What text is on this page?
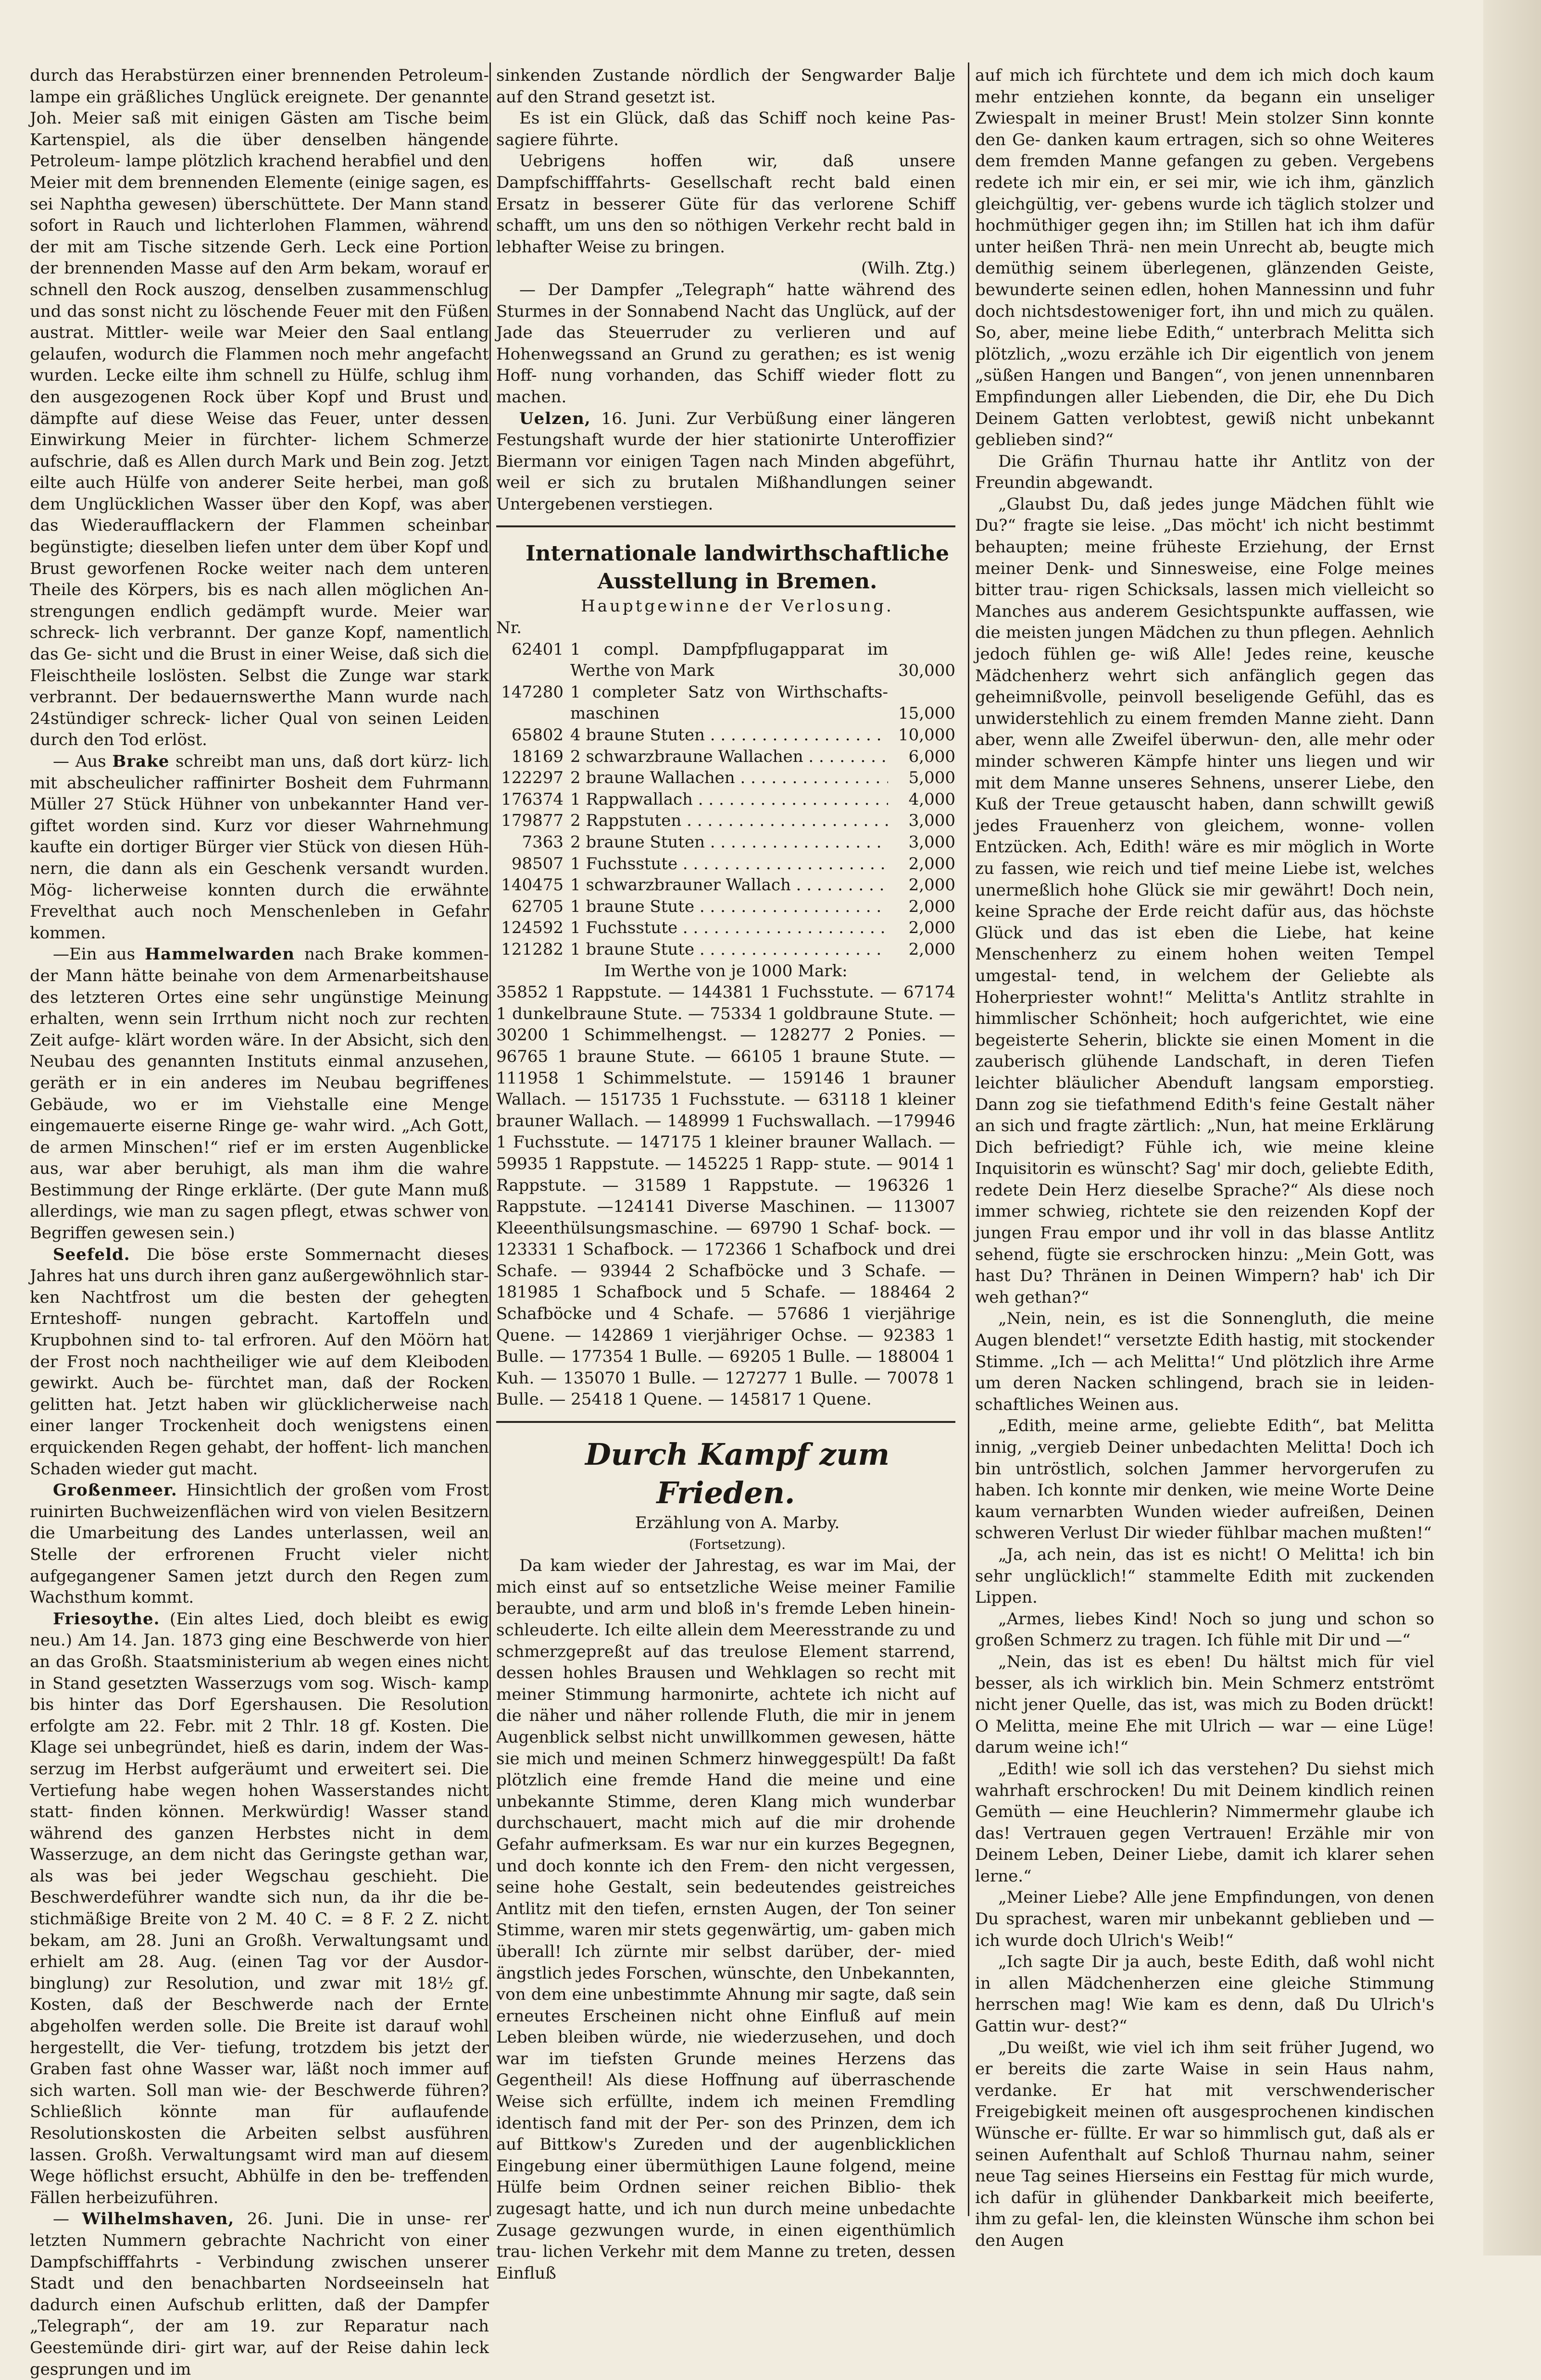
durch das Herabstürzen einer brennenden Petroleum- lampe ein gräßliches Unglück ereignete. Der genannte Joh. Meier saß mit einigen Gästen am Tische beim Kartenspiel, als die über denselben hängende Petroleum- lampe plötzlich krachend herabfiel und den Meier mit dem brennenden Elemente (einige sagen, es sei Naphtha gewesen) überschüttete. Der Mann stand sofort in Rauch und lichterlohen Flammen, während der mit am Tische sitzende Gerh. Leck eine Portion der brennenden Masse auf den Arm bekam, worauf er schnell den Rock auszog, denselben zusammenschlug und das sonst nicht zu löschende Feuer mit den Füßen austrat. Mittler- weile war Meier den Saal entlang gelaufen, wodurch die Flammen noch mehr angefacht wurden. Lecke eilte ihm schnell zu Hülfe, schlug ihm den ausgezogenen Rock über Kopf und Brust und dämpfte auf diese Weise das Feuer, unter dessen Einwirkung Meier in fürchter- lichem Schmerze aufschrie, daß es Allen durch Mark und Bein zog. Jetzt eilte auch Hülfe von anderer Seite herbei, man goß dem Unglücklichen Wasser über den Kopf, was aber das Wiederaufflackern der Flammen scheinbar begünstigte; dieselben liefen unter dem über Kopf und Brust geworfenen Rocke weiter nach dem unteren Theile des Körpers, bis es nach allen möglichen An- strengungen endlich gedämpft wurde. Meier war schreck- lich verbrannt. Der ganze Kopf, namentlich das Ge- sicht und die Brust in einer Weise, daß sich die Fleischtheile loslösten. Selbst die Zunge war stark verbrannt. Der bedauernswerthe Mann wurde nach 24stündiger schreck- licher Qual von seinen Leiden durch den Tod erlöst.

— Aus Brake schreibt man uns, daß dort kürz- lich mit abscheulicher raffinirter Bosheit dem Fuhrmann Müller 27 Stück Hühner von unbekannter Hand ver- giftet worden sind. Kurz vor dieser Wahrnehmung kaufte ein dortiger Bürger vier Stück von diesen Hüh- nern, die dann als ein Geschenk versandt wurden. Mög- licherweise konnten durch die erwähnte Frevelthat auch noch Menschenleben in Gefahr kommen.

—Ein aus Hammelwarden nach Brake kommen- der Mann hätte beinahe von dem Armenarbeitshause des letzteren Ortes eine sehr ungünstige Meinung erhalten, wenn sein Irrthum nicht noch zur rechten Zeit aufge- klärt worden wäre. In der Absicht, sich den Neubau des genannten Instituts einmal anzusehen, geräth er in ein anderes im Neubau begriffenes Gebäude, wo er im Viehstalle eine Menge eingemauerte eiserne Ringe ge- wahr wird. „Ach Gott, de armen Minschen!“ rief er im ersten Augenblicke aus, war aber beruhigt, als man ihm die wahre Bestimmung der Ringe erklärte. (Der gute Mann muß allerdings, wie man zu sagen pflegt, etwas schwer von Begriffen gewesen sein.)

Seefeld. Die böse erste Sommernacht dieses Jahres hat uns durch ihren ganz außergewöhnlich star- ken Nachtfrost um die besten der gehegten Ernteshoff- nungen gebracht. Kartoffeln und Krupbohnen sind to- tal erfroren. Auf den Möörn hat der Frost noch nachtheiliger wie auf dem Kleiboden gewirkt. Auch be- fürchtet man, daß der Rocken gelitten hat. Jetzt haben wir glücklicherweise nach einer langer Trockenheit doch wenigstens einen erquickenden Regen gehabt, der hoffent- lich manchen Schaden wieder gut macht.

Großenmeer. Hinsichtlich der großen vom Frost ruinirten Buchweizenflächen wird von vielen Besitzern die Umarbeitung des Landes unterlassen, weil an Stelle der erfrorenen Frucht vieler nicht aufgegangener Samen jetzt durch den Regen zum Wachsthum kommt.

Friesoythe. (Ein altes Lied, doch bleibt es ewig neu.) Am 14. Jan. 1873 ging eine Beschwerde von hier an das Großh. Staatsministerium ab wegen eines nicht in Stand gesetzten Wasserzugs vom sog. Wisch- kamp bis hinter das Dorf Egershausen. Die Resolution erfolgte am 22. Febr. mit 2 Thlr. 18 gf. Kosten. Die Klage sei unbegründet, hieß es darin, indem der Was- serzug im Herbst aufgeräumt und erweitert sei. Die Vertiefung habe wegen hohen Wasserstandes nicht statt- finden können. Merkwürdig! Wasser stand während des ganzen Herbstes nicht in dem Wasserzuge, an dem nicht das Geringste gethan war, als was bei jeder Wegschau geschieht. Die Beschwerdeführer wandte sich nun, da ihr die be- stichmäßige Breite von 2 M. 40 C. = 8 F. 2 Z. nicht bekam, am 28. Juni an Großh. Verwaltungsamt und erhielt am 28. Aug. (einen Tag vor der Ausdor- binglung) zur Resolution, und zwar mit 18½ gf. Kosten, daß der Beschwerde nach der Ernte abgeholfen werden solle. Die Breite ist darauf wohl hergestellt, die Ver- tiefung, trotzdem bis jetzt der Graben fast ohne Wasser war, läßt noch immer auf sich warten. Soll man wie- der Beschwerde führen? Schließlich könnte man für auflaufende Resolutionskosten die Arbeiten selbst ausführen lassen. Großh. Verwaltungsamt wird man auf diesem Wege höflichst ersucht, Abhülfe in den be- treffenden Fällen herbeizuführen.

— Wilhelmshaven, 26. Juni. Die in unse- rer letzten Nummern gebrachte Nachricht von einer Dampfschifffahrts - Verbindung zwischen unserer Stadt und den benachbarten Nordseeinseln hat dadurch einen Aufschub erlitten, daß der Dampfer „Telegraph“, der am 19. zur Reparatur nach Geestemünde diri- girt war, auf der Reise dahin leck gesprungen und im

sinkenden Zustande nördlich der Sengwarder Balje auf den Strand gesetzt ist.

Es ist ein Glück, daß das Schiff noch keine Pas- sagiere führte.

Uebrigens hoffen wir, daß unsere Dampfschifffahrts- Gesellschaft recht bald einen Ersatz in besserer Güte für das verlorene Schiff schafft, um uns den so nöthigen Verkehr recht bald in lebhafter Weise zu bringen.

(Wilh. Ztg.)

— Der Dampfer „Telegraph“ hatte während des Sturmes in der Sonnabend Nacht das Unglück, auf der Jade das Steuerruder zu verlieren und auf Hohenwegssand an Grund zu gerathen; es ist wenig Hoff- nung vorhanden, das Schiff wieder flott zu machen.

Uelzen, 16. Juni. Zur Verbüßung einer längeren Festungshaft wurde der hier stationirte Unteroffizier Biermann vor einigen Tagen nach Minden abgeführt, weil er sich zu brutalen Mißhandlungen seiner Untergebenen verstiegen.

Internationale landwirthschaftliche

Ausstellung in Bremen.

Hauptgewinne der Verlosung.

Nr.
62401 1 compl. Dampfpflugapparat im Werthe von Mark	30,000
147280 1 completer Satz von Wirthschafts- maschinen	15,000
65802 4 braune Stuten . . .	10,000
18169 2 schwarzbraune Wallachen . . .	6,000
122297 2 braune Wallachen . . .	5,000
176374 1 Rappwallach . . .	4,000
179877 2 Rappstuten . . .	3,000
7363 2 braune Stuten . . .	3,000
98507 1 Fuchsstute . . .	2,000
140475 1 schwarzbrauner Wallach . . .	2,000
62705 1 braune Stute . . .	2,000
124592 1 Fuchsstute . . .	2,000
121282 1 braune Stute . . .	2,000

Im Werthe von je 1000 Mark:

35852 1 Rappstute. — 144381 1 Fuchsstute. — 67174 1 dunkelbraune Stute. — 75334 1 goldbraune Stute. — 30200 1 Schimmelhengst. — 128277 2 Ponies. — 96765 1 braune Stute. — 66105 1 braune Stute. — 111958 1 Schimmelstute. — 159146 1 brauner Wallach. — 151735 1 Fuchsstute. — 63118 1 kleiner brauner Wallach. — 148999 1 Fuchswallach. —179946 1 Fuchsstute. — 147175 1 kleiner brauner Wallach. — 59935 1 Rappstute. — 145225 1 Rapp- stute. — 9014 1 Rappstute. — 31589 1 Rappstute. — 196326 1 Rappstute. —124141 Diverse Maschinen. — 113007 Kleeenthülsungsmaschine. — 69790 1 Schaf- bock. — 123331 1 Schafbock. — 172366 1 Schafbock und drei Schafe. — 93944 2 Schafböcke und 3 Schafe. — 181985 1 Schafbock und 5 Schafe. — 188464 2 Schafböcke und 4 Schafe. — 57686 1 vierjährige Quene. — 142869 1 vierjähriger Ochse. — 92383 1 Bulle. — 177354 1 Bulle. — 69205 1 Bulle. — 188004 1 Kuh. — 135070 1 Bulle. — 127277 1 Bulle. — 70078 1 Bulle. — 25418 1 Quene. — 145817 1 Quene.

Durch Kampf zum Frieden.

Erzählung von A. Marby.

(Fortsetzung).

Da kam wieder der Jahrestag, es war im Mai, der mich einst auf so entsetzliche Weise meiner Familie beraubte, und arm und bloß in's fremde Leben hinein- schleuderte. Ich eilte allein dem Meeresstrande zu und schmerzgepreßt auf das treulose Element starrend, dessen hohles Brausen und Wehklagen so recht mit meiner Stimmung harmonirte, achtete ich nicht auf die näher und näher rollende Fluth, die mir in jenem Augenblick selbst nicht unwillkommen gewesen, hätte sie mich und meinen Schmerz hinweggespült! Da faßt plötzlich eine fremde Hand die meine und eine unbekannte Stimme, deren Klang mich wunderbar durchschauert, macht mich auf die mir drohende Gefahr aufmerksam. Es war nur ein kurzes Begegnen, und doch konnte ich den Frem- den nicht vergessen, seine hohe Gestalt, sein bedeutendes geistreiches Antlitz mit den tiefen, ernsten Augen, der Ton seiner Stimme, waren mir stets gegenwärtig, um- gaben mich überall! Ich zürnte mir selbst darüber, der- mied ängstlich jedes Forschen, wünschte, den Unbekannten, von dem eine unbestimmte Ahnung mir sagte, daß sein erneutes Erscheinen nicht ohne Einfluß auf mein Leben bleiben würde, nie wiederzusehen, und doch war im tiefsten Grunde meines Herzens das Gegentheil! Als diese Hoffnung auf überraschende Weise sich erfüllte, indem ich meinen Fremdling identisch fand mit der Per- son des Prinzen, dem ich auf Bittkow's Zureden und der augenblicklichen Eingebung einer übermüthigen Laune folgend, meine Hülfe beim Ordnen seiner reichen Biblio- thek zugesagt hatte, und ich nun durch meine unbedachte Zusage gezwungen wurde, in einen eigenthümlich trau- lichen Verkehr mit dem Manne zu treten, dessen Einfluß

auf mich ich fürchtete und dem ich mich doch kaum mehr entziehen konnte, da begann ein unseliger Zwiespalt in meiner Brust! Mein stolzer Sinn konnte den Ge- danken kaum ertragen, sich so ohne Weiteres dem fremden Manne gefangen zu geben. Vergebens redete ich mir ein, er sei mir, wie ich ihm, gänzlich gleichgültig, ver- gebens wurde ich täglich stolzer und hochmüthiger gegen ihn; im Stillen hat ich ihm dafür unter heißen Thrä- nen mein Unrecht ab, beugte mich demüthig seinem überlegenen, glänzenden Geiste, bewunderte seinen edlen, hohen Mannessinn und fuhr doch nichtsdestoweniger fort, ihn und mich zu quälen. So, aber, meine liebe Edith,“ unterbrach Melitta sich plötzlich, „wozu erzähle ich Dir eigentlich von jenem „süßen Hangen und Bangen“, von jenen unnennbaren Empfindungen aller Liebenden, die Dir, ehe Du Dich Deinem Gatten verlobtest, gewiß nicht unbekannt geblieben sind?“

Die Gräfin Thurnau hatte ihr Antlitz von der Freundin abgewandt.

„Glaubst Du, daß jedes junge Mädchen fühlt wie Du?“ fragte sie leise. „Das möcht' ich nicht bestimmt behaupten; meine früheste Erziehung, der Ernst meiner Denk- und Sinnesweise, eine Folge meines bitter trau- rigen Schicksals, lassen mich vielleicht so Manches aus anderem Gesichtspunkte auffassen, wie die meisten jungen Mädchen zu thun pflegen. Aehnlich jedoch fühlen ge- wiß Alle! Jedes reine, keusche Mädchenherz wehrt sich anfänglich gegen das geheimnißvolle, peinvoll beseligende Gefühl, das es unwiderstehlich zu einem fremden Manne zieht. Dann aber, wenn alle Zweifel überwun- den, alle mehr oder minder schweren Kämpfe hinter uns liegen und wir mit dem Manne unseres Sehnens, unserer Liebe, den Kuß der Treue getauscht haben, dann schwillt gewiß jedes Frauenherz von gleichem, wonne- vollen Entzücken. Ach, Edith! wäre es mir möglich in Worte zu fassen, wie reich und tief meine Liebe ist, welches unermeßlich hohe Glück sie mir gewährt! Doch nein, keine Sprache der Erde reicht dafür aus, das höchste Glück und das ist eben die Liebe, hat keine Menschenherz zu einem hohen weiten Tempel umgestal- tend, in welchem der Geliebte als Hoherpriester wohnt!“ Melitta's Antlitz strahlte in himmlischer Schönheit; hoch aufgerichtet, wie eine begeisterte Seherin, blickte sie einen Moment in die zauberisch glühende Landschaft, in deren Tiefen leichter bläulicher Abenduft langsam emporstieg. Dann zog sie tiefathmend Edith's feine Gestalt näher an sich und fragte zärtlich: „Nun, hat meine Erklärung Dich befriedigt? Fühle ich, wie meine kleine Inquisitorin es wünscht? Sag' mir doch, geliebte Edith, redete Dein Herz dieselbe Sprache?“ Als diese noch immer schwieg, richtete sie den reizenden Kopf der jungen Frau empor und ihr voll in das blasse Antlitz sehend, fügte sie erschrocken hinzu: „Mein Gott, was hast Du? Thränen in Deinen Wimpern? hab' ich Dir weh gethan?“

„Nein, nein, es ist die Sonnengluth, die meine Augen blendet!“ versetzte Edith hastig, mit stockender Stimme. „Ich — ach Melitta!“ Und plötzlich ihre Arme um deren Nacken schlingend, brach sie in leiden- schaftliches Weinen aus.

„Edith, meine arme, geliebte Edith“, bat Melitta innig, „vergieb Deiner unbedachten Melitta! Doch ich bin untröstlich, solchen Jammer hervorgerufen zu haben. Ich konnte mir denken, wie meine Worte Deine kaum vernarbten Wunden wieder aufreißen, Deinen schweren Verlust Dir wieder fühlbar machen mußten!“

„Ja, ach nein, das ist es nicht! O Melitta! ich bin sehr unglücklich!“ stammelte Edith mit zuckenden Lippen.

„Armes, liebes Kind! Noch so jung und schon so großen Schmerz zu tragen. Ich fühle mit Dir und —“

„Nein, das ist es eben! Du hältst mich für viel besser, als ich wirklich bin. Mein Schmerz entströmt nicht jener Quelle, das ist, was mich zu Boden drückt! O Melitta, meine Ehe mit Ulrich — war — eine Lüge! darum weine ich!“

„Edith! wie soll ich das verstehen? Du siehst mich wahrhaft erschrocken! Du mit Deinem kindlich reinen Gemüth — eine Heuchlerin? Nimmermehr glaube ich das! Vertrauen gegen Vertrauen! Erzähle mir von Deinem Leben, Deiner Liebe, damit ich klarer sehen lerne.“

„Meiner Liebe? Alle jene Empfindungen, von denen Du sprachest, waren mir unbekannt geblieben und — ich wurde doch Ulrich's Weib!“

„Ich sagte Dir ja auch, beste Edith, daß wohl nicht in allen Mädchenherzen eine gleiche Stimmung herrschen mag! Wie kam es denn, daß Du Ulrich's Gattin wur- dest?“

„Du weißt, wie viel ich ihm seit früher Jugend, wo er bereits die zarte Waise in sein Haus nahm, verdanke. Er hat mit verschwenderischer Freigebigkeit meinen oft ausgesprochenen kindischen Wünsche er- füllte. Er war so himmlisch gut, daß als er seinen Aufenthalt auf Schloß Thurnau nahm, seiner neue Tag seines Hierseins ein Festtag für mich wurde, ich dafür in glühender Dankbarkeit mich beeiferte, ihm zu gefal- len, die kleinsten Wünsche ihm schon bei den Augen
